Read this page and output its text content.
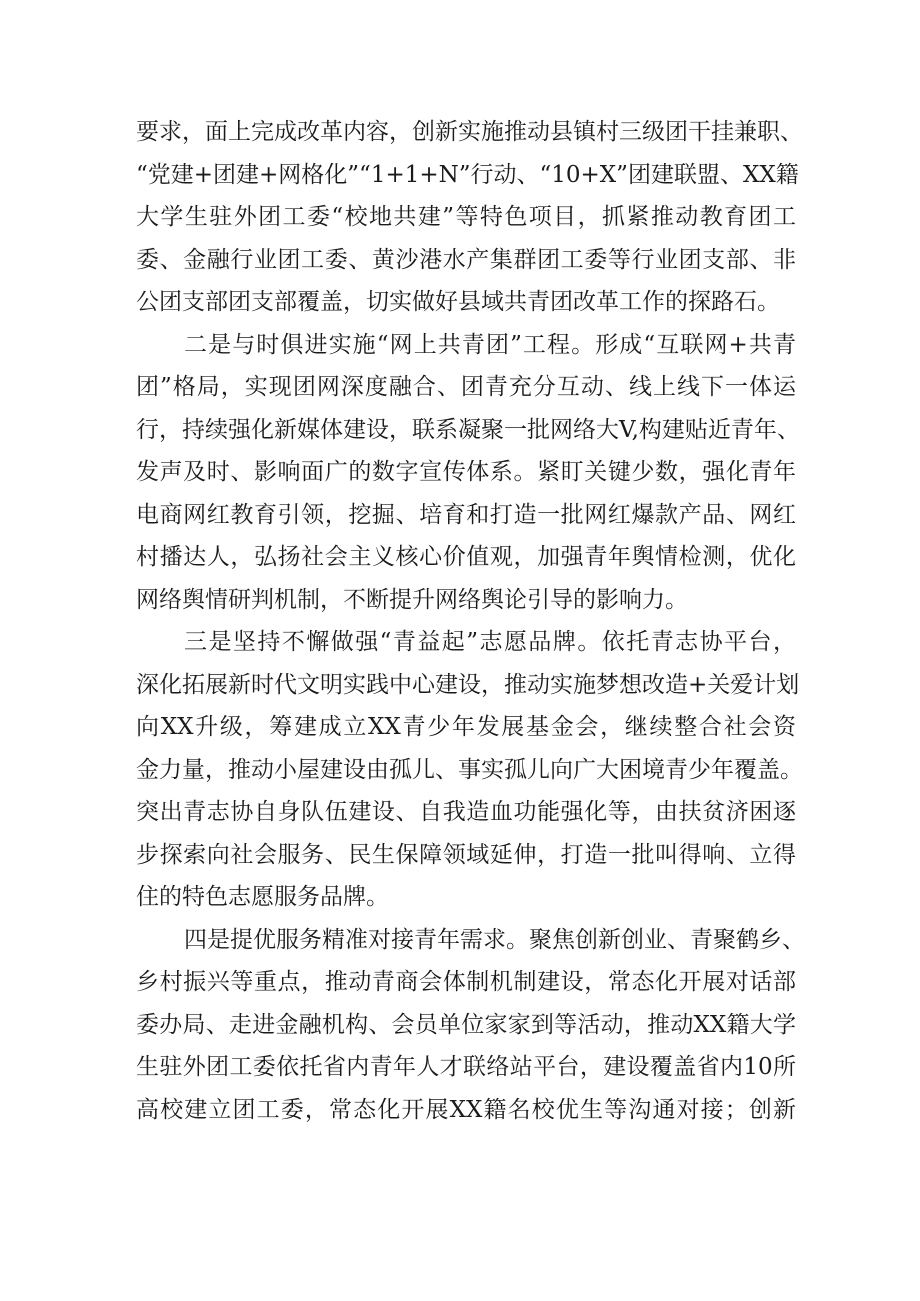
要求，面上完成改革内容，创新实施推动县镇村三级团干挂兼职、
“党建+团建+网格化”“1+1+N”行动、“10+X”团建联盟、XX籍
大学生驻外团工委“校地共建”等特色项目，抓紧推动教育团工
委、金融行业团工委、黄沙港水产集群团工委等行业团支部、非
公团支部团支部覆盖，切实做好县域共青团改革工作的探路石。
二是与时俱进实施“网上共青团”工程。形成“互联网+共青
团”格局，实现团网深度融合、团青充分互动、线上线下一体运
行，持续强化新媒体建设，联系凝聚一批网络大V,构建贴近青年、
发声及时、影响面广的数字宣传体系。紧盯关键少数，强化青年
电商网红教育引领，挖掘、培育和打造一批网红爆款产品、网红
村播达人，弘扬社会主义核心价值观，加强青年舆情检测，优化
网络舆情研判机制，不断提升网络舆论引导的影响力。
三是坚持不懈做强“青益起”志愿品牌。依托青志协平台，
深化拓展新时代文明实践中心建设，推动实施梦想改造+关爱计划
向XX升级，筹建成立XX青少年发展基金会，继续整合社会资
金力量，推动小屋建设由孤儿、事实孤儿向广大困境青少年覆盖。
突出青志协自身队伍建设、自我造血功能强化等，由扶贫济困逐
步探索向社会服务、民生保障领域延伸，打造一批叫得响、立得
住的特色志愿服务品牌。
四是提优服务精准对接青年需求。聚焦创新创业、青聚鹤乡、
乡村振兴等重点，推动青商会体制机制建设，常态化开展对话部
委办局、走进金融机构、会员单位家家到等活动，推动XX籍大学
生驻外团工委依托省内青年人才联络站平台，建设覆盖省内10所
高校建立团工委，常态化开展XX籍名校优生等沟通对接；创新
